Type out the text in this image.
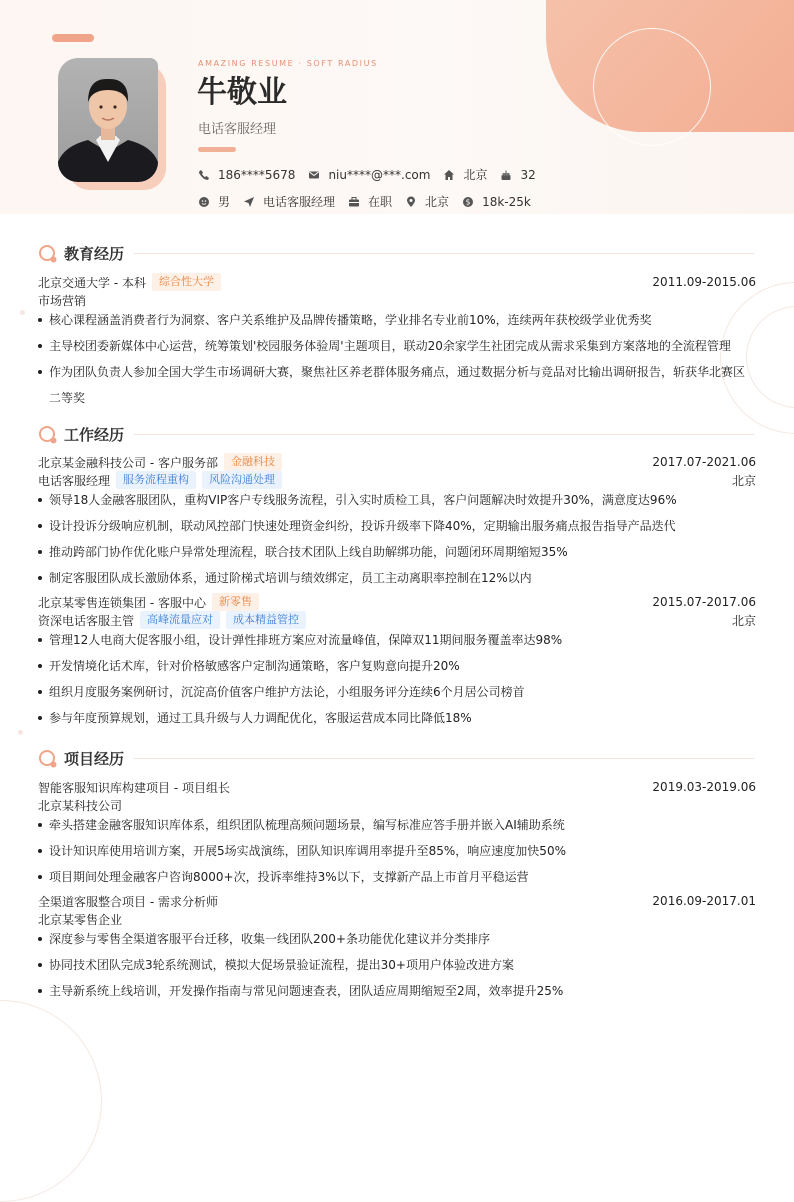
AMAZING RESUME · SOFT RADIUS
牛敬业
电话客服经理
186****5678	niu****@***.com	北京	32
男	电话客服经理	在职	北京 $ 18k-25k
教育经历
北京交通大学 - 本科	综合性大学	2011.09-2015.06
市场营销
核心课程涵盖消费者行为洞察、客户关系维护及品牌传播策略，学业排名专业前10%，连续两年获校级学业优秀奖
主导校团委新媒体中心运营，统筹策划'校园服务体验周'主题项目，联动20余家学生社团完成从需求采集到方案落地的全流程管理
作为团队负责人参加全国大学生市场调研大赛，聚焦社区养老群体服务痛点，通过数据分析与竞品对比输出调研报告，斩获华北赛区二等奖
工作经历
北京某金融科技公司 - 客户服务部	金融科技	2017.07-2021.06
电话客服经理	服务流程重构	风险沟通处理	北京
领导18人金融客服团队，重构VIP客户专线服务流程，引入实时质检工具，客户问题解决时效提升30%，满意度达96%
设计投诉分级响应机制，联动风控部门快速处理资金纠纷，投诉升级率下降40%，定期输出服务痛点报告指导产品迭代
推动跨部门协作优化账户异常处理流程，联合技术团队上线自助解绑功能，问题闭环周期缩短35%
制定客服团队成长激励体系，通过阶梯式培训与绩效绑定，员工主动离职率控制在12%以内
北京某零售连锁集团 - 客服中心	新零售	2015.07-2017.06
资深电话客服主管	高峰流量应对	成本精益管控	北京
管理12人电商大促客服小组，设计弹性排班方案应对流量峰值，保障双11期间服务覆盖率达98%
开发情境化话术库，针对价格敏感客户定制沟通策略，客户复购意向提升20%
组织月度服务案例研讨，沉淀高价值客户维护方法论，小组服务评分连续6个月居公司榜首
参与年度预算规划，通过工具升级与人力调配优化，客服运营成本同比降低18%
项目经历
智能客服知识库构建项目 - 项目组长	2019.03-2019.06
北京某科技公司
牵头搭建金融客服知识库体系，组织团队梳理高频问题场景，编写标准应答手册并嵌入AI辅助系统
设计知识库使用培训方案，开展5场实战演练，团队知识库调用率提升至85%，响应速度加快50%
项目期间处理金融客户咨询8000+次，投诉率维持3%以下，支撑新产品上市首月平稳运营
全渠道客服整合项目 - 需求分析师	2016.09-2017.01
北京某零售企业
深度参与零售全渠道客服平台迁移，收集一线团队200+条功能优化建议并分类排序
协同技术团队完成3轮系统测试，模拟大促场景验证流程，提出30+项用户体验改进方案
主导新系统上线培训，开发操作指南与常见问题速查表，团队适应周期缩短至2周，效率提升25%
